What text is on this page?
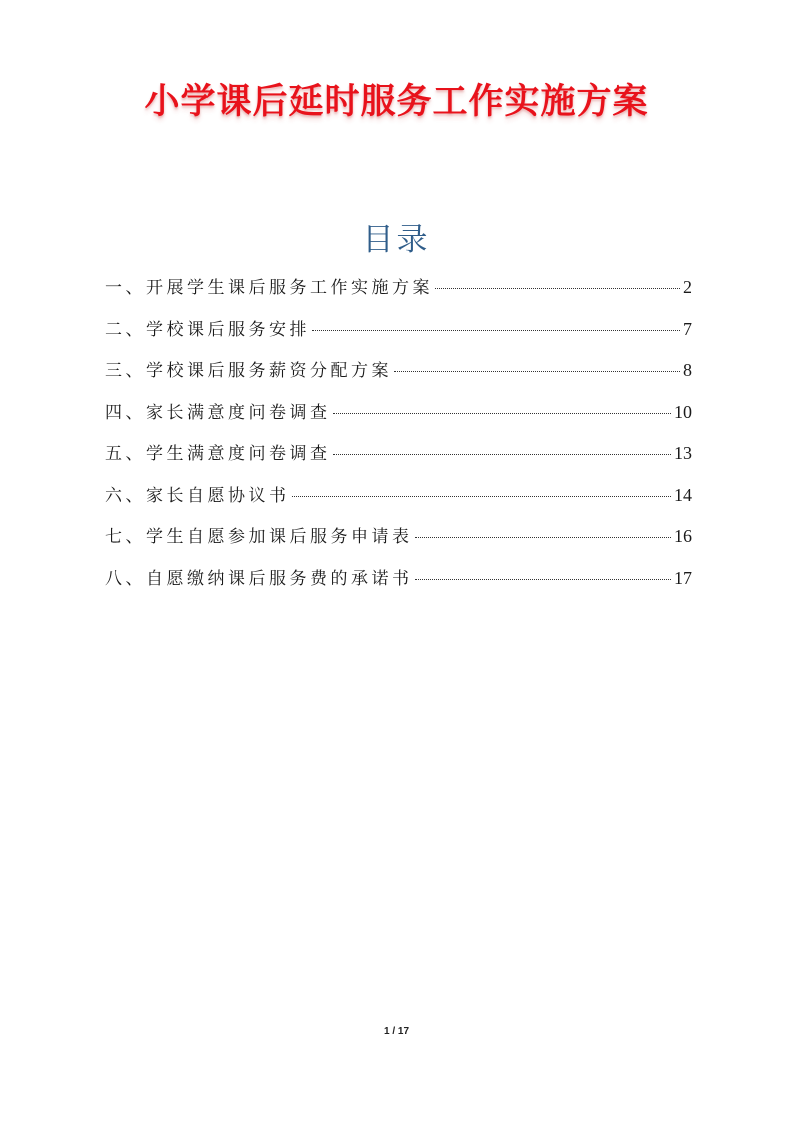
小学课后延时服务工作实施方案
目录
一、开展学生课后服务工作实施方案	2
二、学校课后服务安排	7
三、学校课后服务薪资分配方案	8
四、家长满意度问卷调查	10
五、学生满意度问卷调查	13
六、家长自愿协议书	14
七、学生自愿参加课后服务申请表	16
八、自愿缴纳课后服务费的承诺书	17
1 / 17
